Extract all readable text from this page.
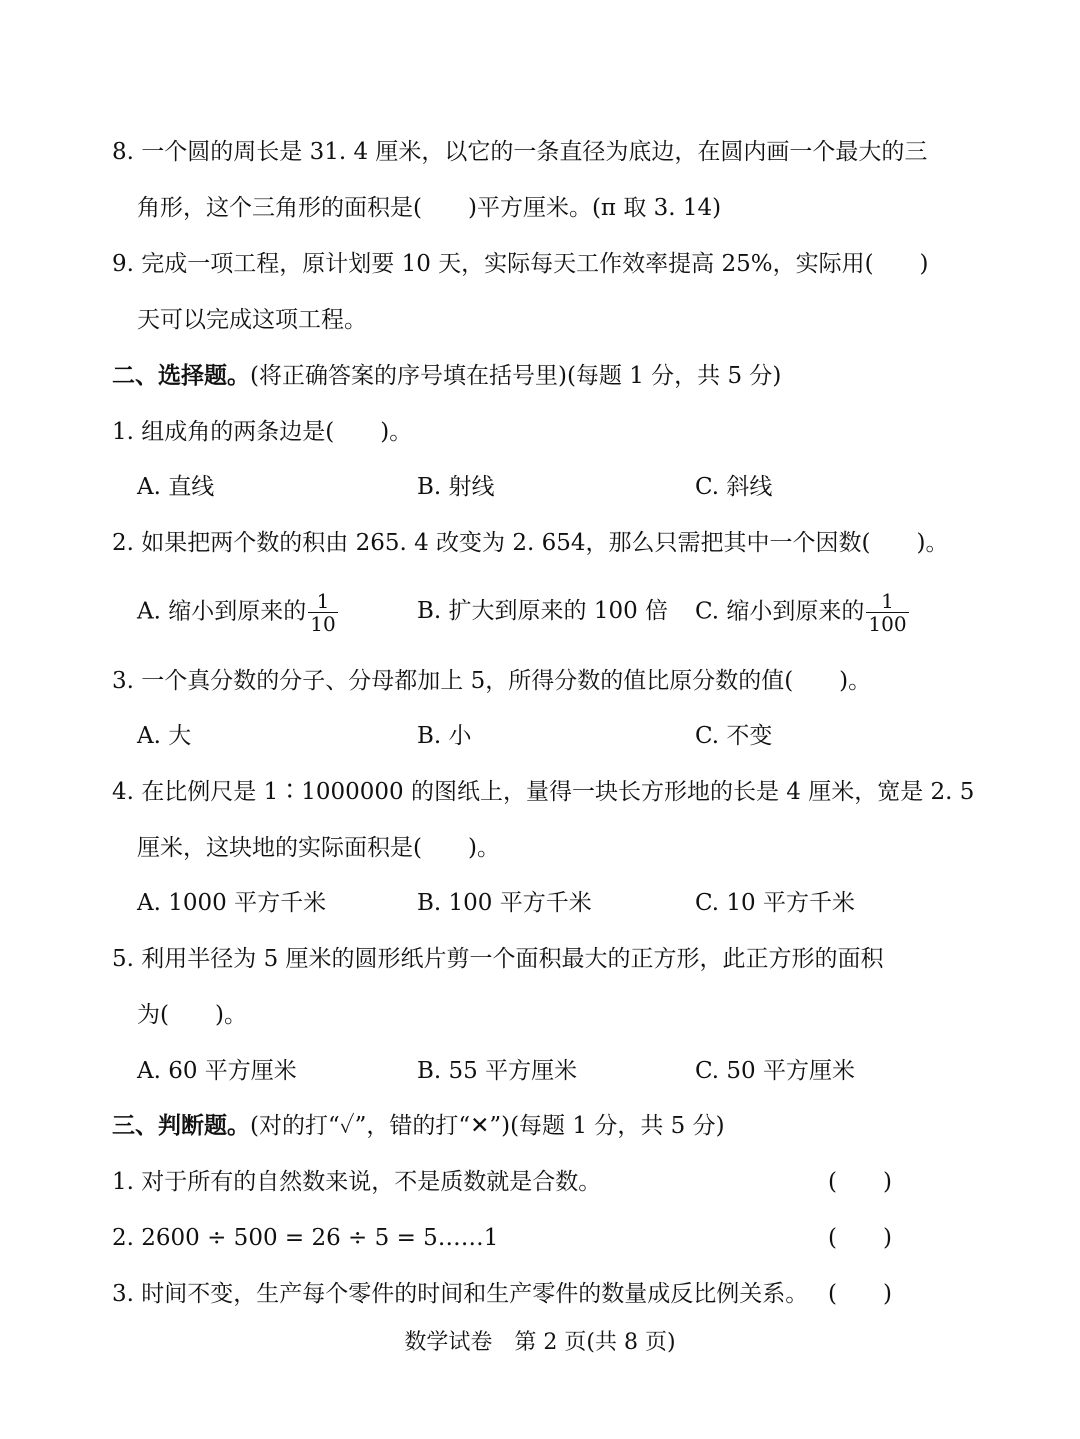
8. 一个圆的周长是 31. 4 厘米，以它的一条直径为底边，在圆内画一个最大的三
角形，这个三角形的面积是(　　)平方厘米。(π 取 3. 14)
9. 完成一项工程，原计划要 10 天，实际每天工作效率提高 25%，实际用(　　)
天可以完成这项工程。
二、选择题。(将正确答案的序号填在括号里)(每题 1 分，共 5 分)
1. 组成角的两条边是(　　)。
A. 直线	B. 射线	C. 斜线
2. 如果把两个数的积由 265. 4 改变为 2. 654，那么只需把其中一个因数(　　)。
A. 缩小到原来的 $\frac{1}{10}$	B. 扩大到原来的 100 倍 C. 缩小到原来的 $\frac{1}{100}$
3. 一个真分数的分子、分母都加上 5，所得分数的值比原分数的值(　　)。
A. 大	B. 小	C. 不变
4. 在比例尺是 1∶1000000 的图纸上，量得一块长方形地的长是 4 厘米，宽是 2. 5
厘米，这块地的实际面积是(　　)。
A. 1000 平方千米	B. 100 平方千米	C. 10 平方千米
5. 利用半径为 5 厘米的圆形纸片剪一个面积最大的正方形，此正方形的面积
为(　　)。
A. 60 平方厘米	B. 55 平方厘米	C. 50 平方厘米
三、判断题。(对的打“✓”，错的打“✕”)(每题 1 分，共 5 分)
1. 对于所有的自然数来说，不是质数就是合数。	(　　)
2. 2600 ÷ 500 = 26 ÷ 5 = 5……1	(　　)
3. 时间不变，生产每个零件的时间和生产零件的数量成反比例关系。 (　　)
数学试卷　第 2 页(共 8 页)
